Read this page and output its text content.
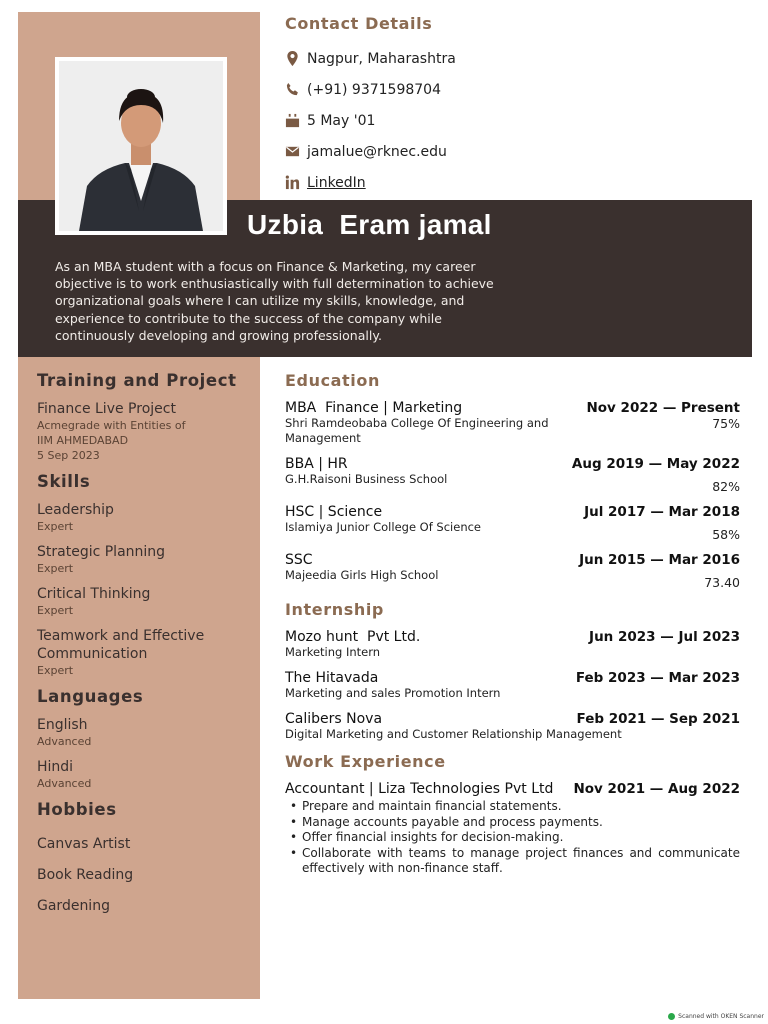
Contact Details
Nagpur, Maharashtra
(+91) 9371598704
5 May '01
jamalue@rknec.edu
LinkedIn
Uzbia  Eram jamal
As an MBA student with a focus on Finance & Marketing, my career objective is to work enthusiastically with full determination to achieve organizational goals where I can utilize my skills, knowledge, and experience to contribute to the success of the company while continuously developing and growing professionally.
Training and Project
Finance Live Project
Acmegrade with Entities of
IIM AHMEDABAD
5 Sep 2023
Skills
Leadership
Expert
Strategic Planning
Expert
Critical Thinking
Expert
Teamwork and Effective Communication
Expert
Languages
English
Advanced
Hindi
Advanced
Hobbies
Canvas Artist
Book Reading
Gardening
Education
MBA  Finance | Marketing	Nov 2022 — Present
Shri Ramdeobaba College Of Engineering and Management
75%
BBA | HR	Aug 2019 — May 2022
G.H.Raisoni Business School	82%
HSC | Science	Jul 2017 — Mar 2018
Islamiya Junior College Of Science	58%
SSC	Jun 2015 — Mar 2016
Majeedia Girls High School	73.40
Internship
Mozo hunt  Pvt Ltd.	Jun 2023 — Jul 2023
Marketing Intern
The Hitavada	Feb 2023 — Mar 2023
Marketing and sales Promotion Intern
Calibers Nova	Feb 2021 — Sep 2021
Digital Marketing and Customer Relationship Management
Work Experience
Accountant | Liza Technologies Pvt Ltd Nov 2021 — Aug 2022
• Prepare and maintain financial statements.
• Manage accounts payable and process payments.
• Offer financial insights for decision-making.
• Collaborate with teams to manage project finances and communicate effectively with non-finance staff.
Scanned with OKEN Scanner
